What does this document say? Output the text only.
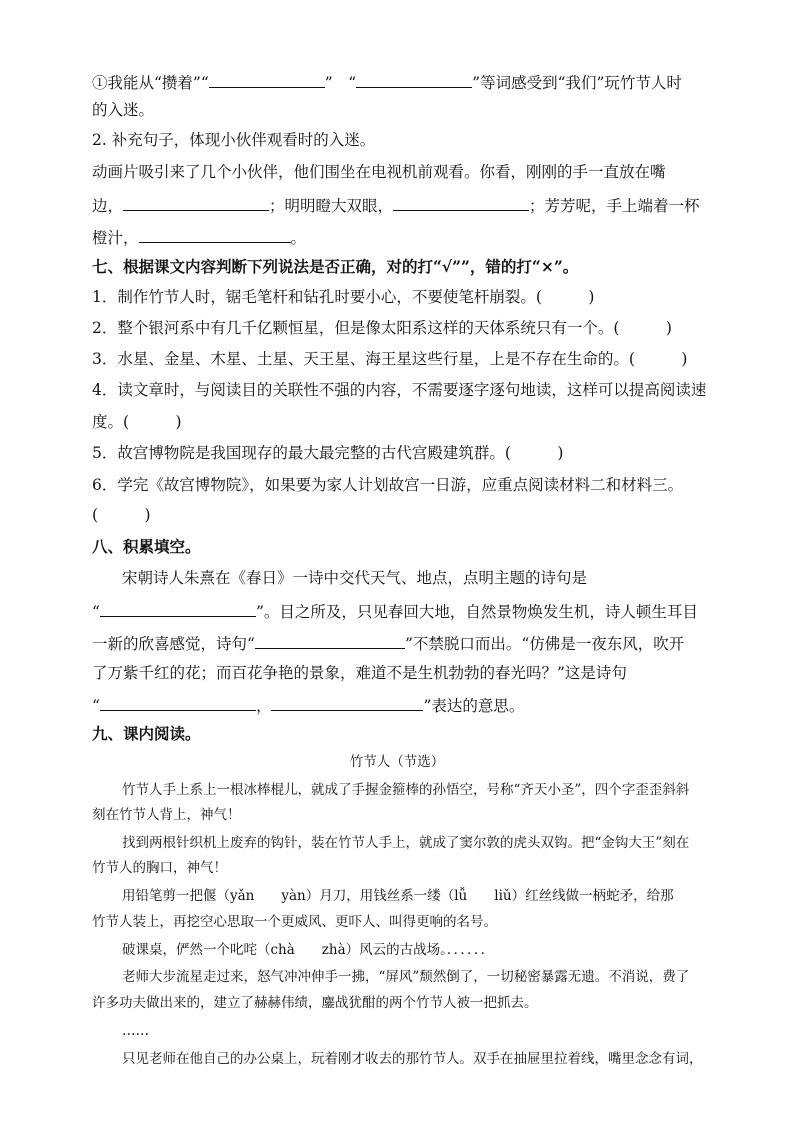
①我能从“攒着”“	”　“	”等词感受到“我们”玩竹节人时
的入迷。
2. 补充句子，体现小伙伴观看时的入迷。
动画片吸引来了几个小伙伴，他们围坐在电视机前观看。你看，刚刚的手一直放在嘴
边，	；明明瞪大双眼，	；芳芳呢，手上端着一杯
橙汁，	。
七、根据课文内容判断下列说法是否正确，对的打“√””，错的打“×”。
1．制作竹节人时，锯毛笔杆和钻孔时要小心，不要使笔杆崩裂。(　　　)
2．整个银河系中有几千亿颗恒星，但是像太阳系这样的天体系统只有一个。(　　　)
3．水星、金星、木星、土星、天王星、海王星这些行星，上是不存在生命的。(　　　)
4．读文章时，与阅读目的关联性不强的内容，不需要逐字逐句地读，这样可以提高阅读速
度。(　　　)
5．故宫博物院是我国现存的最大最完整的古代宫殿建筑群。(　　　)
6．学完《故宫博物院》，如果要为家人计划故宫一日游，应重点阅读材料二和材料三。
(　　　)
八、积累填空。
宋朝诗人朱熹在《春日》一诗中交代天气、地点，点明主题的诗句是
“	”。目之所及，只见春回大地，自然景物焕发生机，诗人顿生耳目
一新的欣喜感觉，诗句“	”不禁脱口而出。“仿佛是一夜东风，吹开
了万紫千红的花；而百花争艳的景象，难道不是生机勃勃的春光吗？”这是诗句
“	，	”表达的意思。
九、课内阅读。
竹节人（节选）
竹节人手上系上一根冰棒棍儿，就成了手握金箍棒的孙悟空，号称“齐天小圣”，四个字歪歪斜斜
刻在竹节人背上，神气！
找到两根针织机上废弃的钩针，装在竹节人手上，就成了窦尔敦的虎头双钩。把“金钩大王”刻在
竹节人的胸口，神气！
用铅笔剪一把偃（yǎn　　yàn）月刀，用钱丝系一缕（lǚ　　liǔ）红丝线做一柄蛇矛，给那
竹节人装上，再挖空心思取一个更威风、更吓人、叫得更响的名号。
破课桌，俨然一个叱咤（chà　　zhà）风云的古战场。．．．．．．
老师大步流星走过来，怒气冲冲伸手一拂，“屏风”颓然倒了，一切秘密暴露无遗。不消说，费了
许多功夫做出来的，建立了赫赫伟绩，鏖战犹酣的两个竹节人被一把抓去。
……
只见老师在他自己的办公桌上，玩着刚才收去的那竹节人。双手在抽屉里拉着线，嘴里念念有词，
